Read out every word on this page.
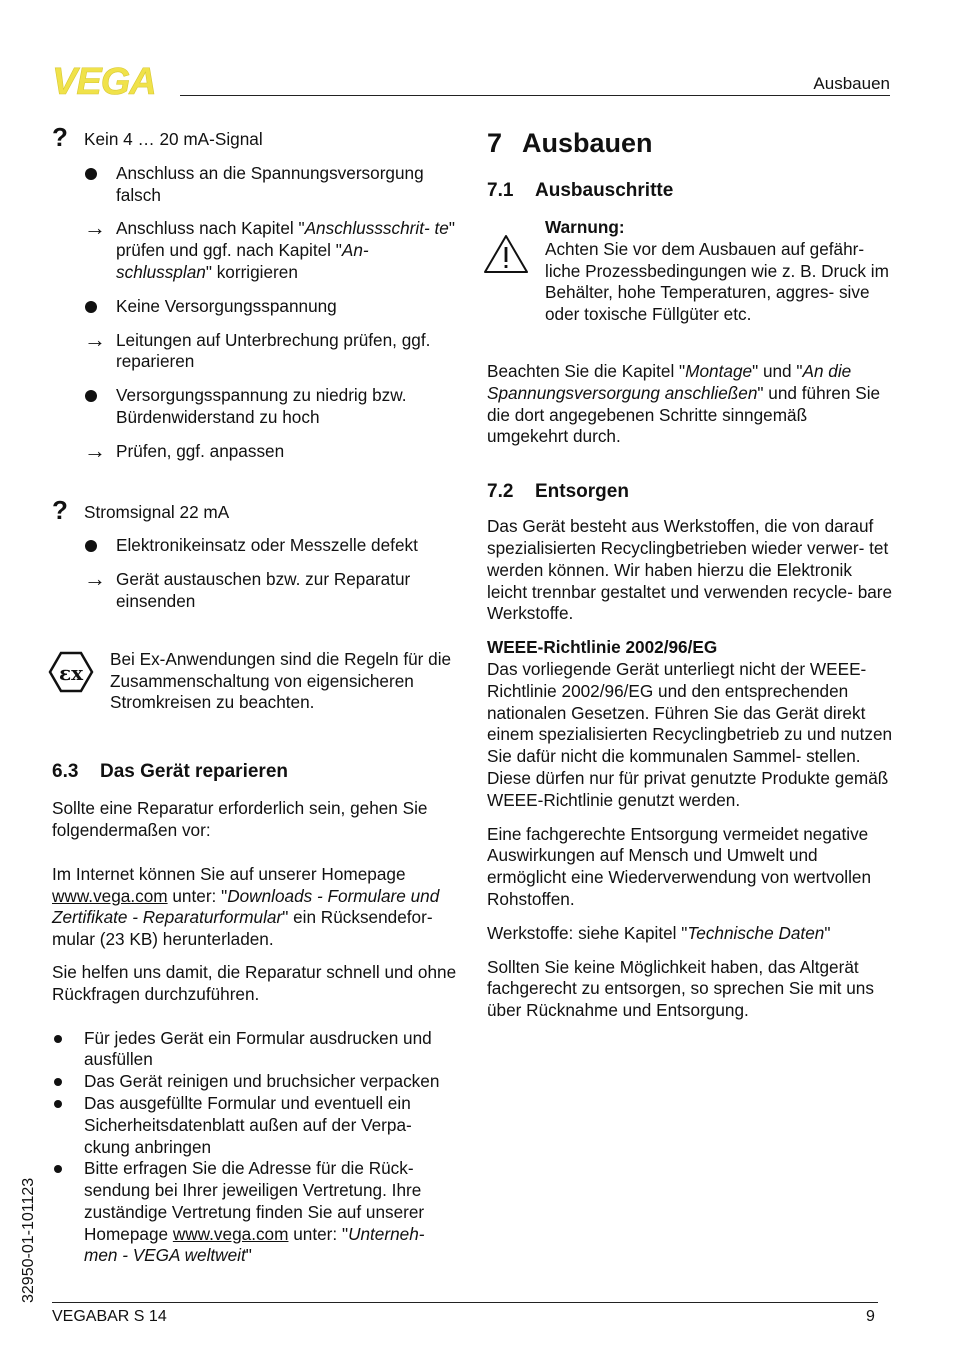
VEGA	Ausbauen
? Kein 4 … 20 mA-Signal
Anschluss an die Spannungsversorgung falsch
→ Anschluss nach Kapitel "Anschlussschrit- te" prüfen und ggf. nach Kapitel "An- schlussplan" korrigieren
Keine Versorgungsspannung
→ Leitungen auf Unterbrechung prüfen, ggf. reparieren
Versorgungsspannung zu niedrig bzw. Bürdenwiderstand zu hoch
→ Prüfen, ggf. anpassen
? Stromsignal 22 mA
Elektronikeinsatz oder Messzelle defekt
→ Gerät austauschen bzw. zur Reparatur einsenden
εx

Bei Ex-Anwendungen sind die Regeln für die Zusammenschaltung von eigensicheren Stromkreisen zu beachten.

6.3 Das Gerät reparieren

Sollte eine Reparatur erforderlich sein, gehen Sie folgendermaßen vor:

Im Internet können Sie auf unserer Homepage www.vega.com unter: "Downloads - Formulare und Zertifikate - Reparaturformular" ein Rücksendefor- mular (23 KB) herunterladen.

Sie helfen uns damit, die Reparatur schnell und ohne Rückfragen durchzuführen.

Für jedes Gerät ein Formular ausdrucken und ausfüllen
Das Gerät reinigen und bruchsicher verpacken
Das ausgefüllte Formular und eventuell ein Sicherheitsdatenblatt außen auf der Verpa- ckung anbringen
Bitte erfragen Sie die Adresse für die Rück- sendung bei Ihrer jeweiligen Vertretung. Ihre zuständige Vertretung finden Sie auf unserer Homepage www.vega.com unter: "Unterneh- men - VEGA weltweit"
7 Ausbauen
7.1 Ausbauschritte

Warnung:

Achten Sie vor dem Ausbauen auf gefähr- liche Prozessbedingungen wie z. B. Druck im Behälter, hohe Temperaturen, aggres- sive oder toxische Füllgüter etc.

Beachten Sie die Kapitel "Montage" und "An die Spannungsversorgung anschließen" und führen Sie die dort angegebenen Schritte sinngemäß umgekehrt durch.

7.2 Entsorgen

Das Gerät besteht aus Werkstoffen, die von darauf spezialisierten Recyclingbetrieben wieder verwer- tet werden können. Wir haben hierzu die Elektronik leicht trennbar gestaltet und verwenden recycle- bare Werkstoffe.

WEEE-Richtlinie 2002/96/EG

Das vorliegende Gerät unterliegt nicht der WEEE- Richtlinie 2002/96/EG und den entsprechenden nationalen Gesetzen. Führen Sie das Gerät direkt einem spezialisierten Recyclingbetrieb zu und nutzen Sie dafür nicht die kommunalen Sammel- stellen. Diese dürfen nur für privat genutzte Produkte gemäß WEEE-Richtlinie genutzt werden.

Eine fachgerechte Entsorgung vermeidet negative Auswirkungen auf Mensch und Umwelt und ermöglicht eine Wiederverwendung von wertvollen Rohstoffen.

Werkstoffe: siehe Kapitel "Technische Daten"

Sollten Sie keine Möglichkeit haben, das Altgerät fachgerecht zu entsorgen, so sprechen Sie mit uns über Rücknahme und Entsorgung.

32950-01-101123
VEGABAR S 14	9
